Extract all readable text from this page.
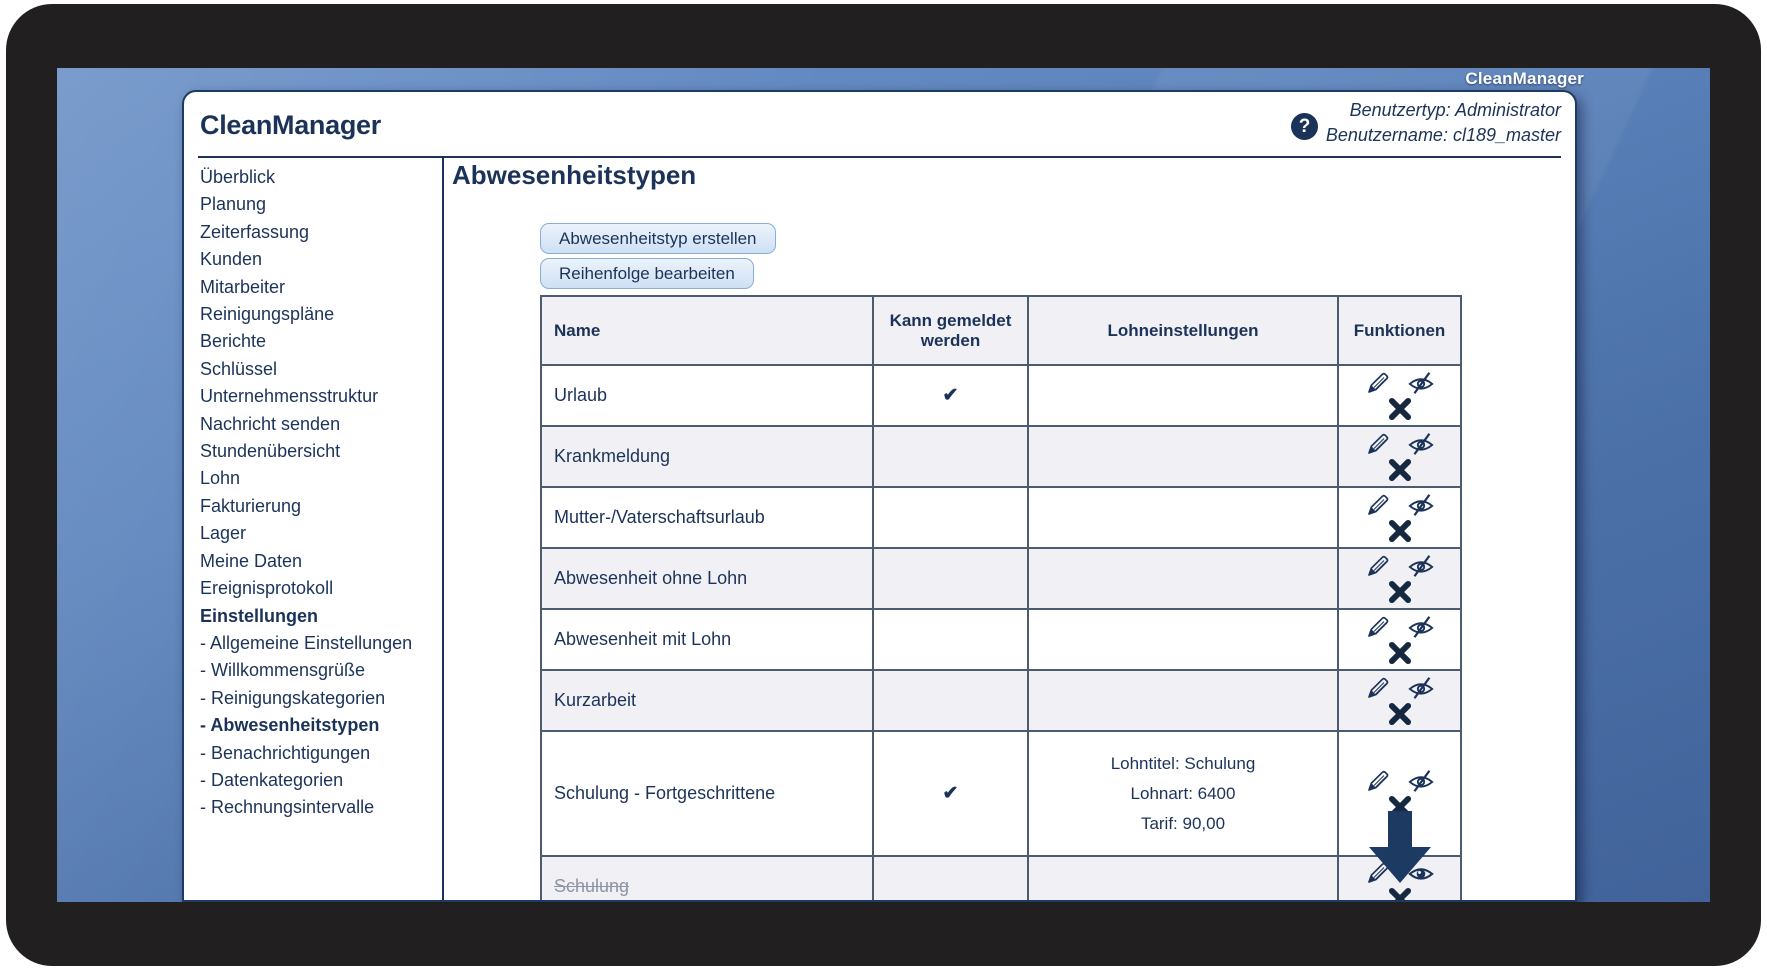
CleanManager
CleanManager	?
Benutzertyp: Administrator
Benutzername: cl189_master
Überblick
Planung
Zeiterfassung
Kunden
Mitarbeiter
Reinigungspläne
Berichte
Schlüssel
Unternehmensstruktur
Nachricht senden
Stundenübersicht
Lohn
Fakturierung
Lager
Meine Daten
Ereignisprotokoll
Einstellungen
- Allgemeine Einstellungen
- Willkommensgrüße
- Reinigungskategorien
- Abwesenheitstypen
- Benachrichtigungen
- Datenkategorien
- Rechnungsintervalle
Abwesenheitstypen
Abwesenheitstyp erstellen
Reihenfolge bearbeiten
Name	Kann gemeldet werden	Lohneinstellungen	Funktionen
Urlaub	✔		
Krankmeldung			
Mutter-/Vaterschaftsurlaub			
Abwesenheit ohne Lohn			
Abwesenheit mit Lohn			
Kurzarbeit			
Schulung - Fortgeschrittene	✔	Lohntitel: Schulung
Lohnart: 6400
Tarif: 90,00

Schulung			
